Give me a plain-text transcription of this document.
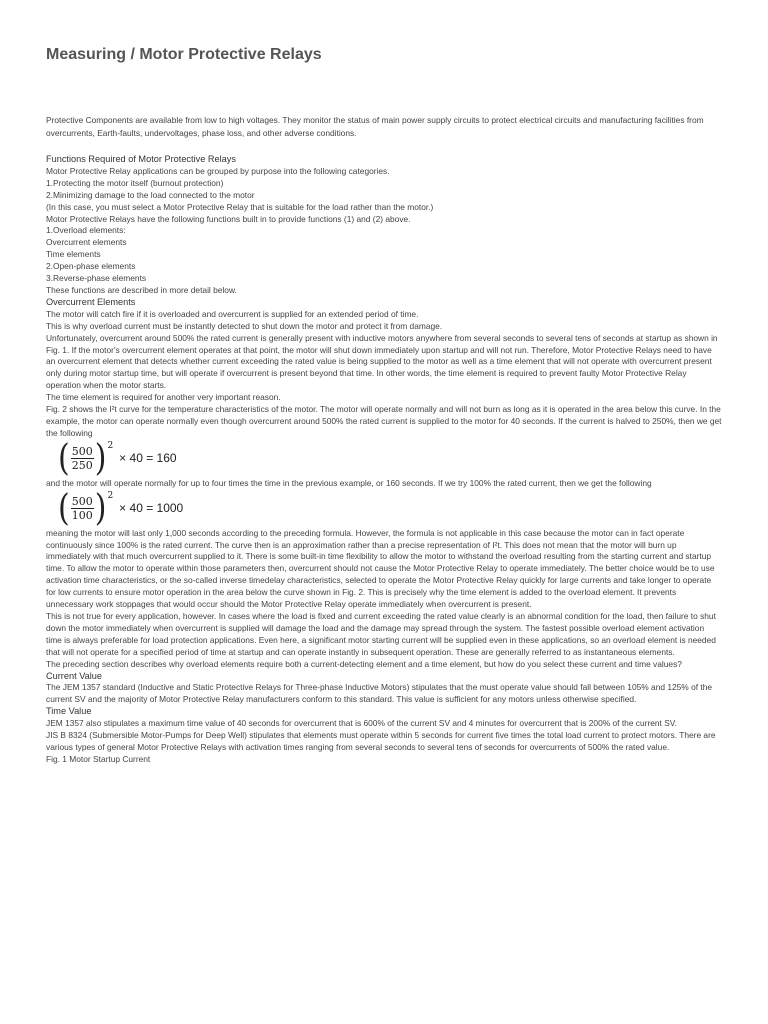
Measuring / Motor Protective Relays

Protective Components are available from low to high voltages. They monitor the status of main power supply circuits to protect electrical circuits and manufacturing facilities from overcurrents, Earth-faults, undervoltages, phase loss, and other adverse conditions.

Functions Required of Motor Protective Relays
Motor Protective Relay applications can be grouped by purpose into the following categories.
1.Protecting the motor itself (burnout protection)
2.Minimizing damage to the load connected to the motor
(In this case, you must select a Motor Protective Relay that is suitable for the load rather than the motor.)
Motor Protective Relays have the following functions built in to provide functions (1) and (2) above.
1.Overload elements:
Overcurrent elements
Time elements
2.Open-phase elements
3.Reverse-phase elements
These functions are described in more detail below.
Overcurrent Elements
The motor will catch fire if it is overloaded and overcurrent is supplied for an extended period of time.
This is why overload current must be instantly detected to shut down the motor and protect it from damage.
Unfortunately, overcurrent around 500% the rated current is generally present with inductive motors anywhere from several seconds to several tens of seconds at startup as shown in Fig. 1. If the motor's overcurrent element operates at that point, the motor will shut down immediately upon startup and will not run. Therefore, Motor Protective Relays need to have an overcurrent element that detects whether current exceeding the rated value is being supplied to the motor as well as a time element that will not operate with overcurrent present only during motor startup time, but will operate if overcurrent is present beyond that time. In other words, the time element is required to prevent faulty Motor Protective Relay operation when the motor starts.
The time element is required for another very important reason.
Fig. 2 shows the I²t curve for the temperature characteristics of the motor. The motor will operate normally and will not burn as long as it is operated in the area below this curve. In the example, the motor can operate normally even though overcurrent around 500% the rated current is supplied to the motor for 40 seconds. If the current is halved to 250%, then we get the following
( $\frac{500}{250}$ ) 2
× 40 = 160
and the motor will operate normally for up to four times the time in the previous example, or 160 seconds. If we try 100% the rated current, then we get the following
( $\frac{500}{100}$ ) 2
× 40 = 1000
meaning the motor will last only 1,000 seconds according to the preceding formula. However, the formula is not applicable in this case because the motor can in fact operate continuously since 100% is the rated current. The curve then is an approximation rather than a precise representation of I²t. This does not mean that the motor will burn up immediately with that much overcurrent supplied to it. There is some built-in time flexibility to allow the motor to withstand the overload resulting from the starting current and startup time. To allow the motor to operate within those parameters then, overcurrent should not cause the Motor Protective Relay to operate immediately. The better choice would be to use activation time characteristics, or the so-called inverse timedelay characteristics, selected to operate the Motor Protective Relay quickly for large currents and take longer to operate for low currents to ensure motor operation in the area below the curve shown in Fig. 2. This is precisely why the time element is added to the overload element. It prevents unnecessary work stoppages that would occur should the Motor Protective Relay operate immediately when overcurrent is present.
This is not true for every application, however. In cases where the load is fixed and current exceeding the rated value clearly is an abnormal condition for the load, then failure to shut down the motor immediately when overcurrent is supplied will damage the load and the damage may spread through the system. The fastest possible overload element activation time is always preferable for load protection applications. Even here, a significant motor starting current will be supplied even in these applications, so an overload element is needed that will not operate for a specified period of time at startup and can operate instantly in subsequent operation. These are generally referred to as instantaneous elements.
The preceding section describes why overload elements require both a current-detecting element and a time element, but how do you select these current and time values?
Current Value
The JEM 1357 standard (Inductive and Static Protective Relays for Three-phase Inductive Motors) stipulates that the must operate value should fall between 105% and 125% of the current SV and the majority of Motor Protective Relay manufacturers conform to this standard. This value is sufficient for any motors unless otherwise specified.
Time Value
JEM 1357 also stipulates a maximum time value of 40 seconds for overcurrent that is 600% of the current SV and 4 minutes for overcurrent that is 200% of the current SV.
JIS B 8324 (Submersible Motor-Pumps for Deep Well) stipulates that elements must operate within 5 seconds for current five times the total load current to protect motors. There are various types of general Motor Protective Relays with activation times ranging from several seconds to several tens of seconds for overcurrents of 500% the rated value.
Fig. 1 Motor Startup Current
